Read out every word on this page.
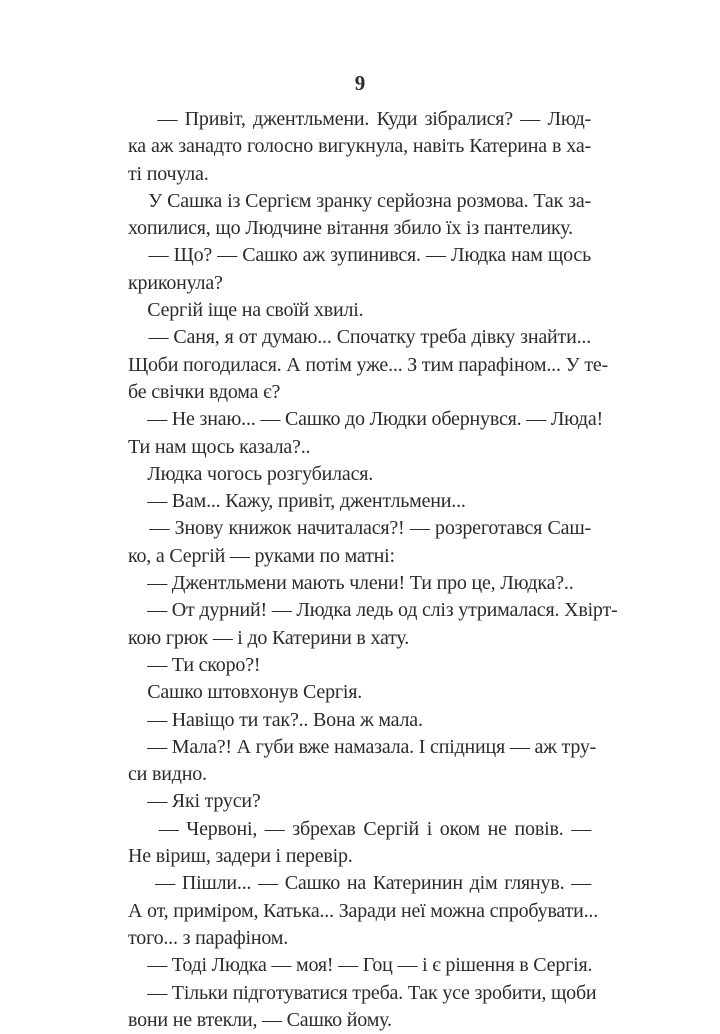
9

— Привіт, джентльмени. Куди зібралися? — Люд-
ка аж занадто голосно вигукнула, навіть Катерина в ха-
ті почула.

У Сашка із Сергієм зранку серйозна розмова. Так за-
хопилися, що Людчине вітання збило їх із пантелику.

— Що? — Сашко аж зупинився. — Людка нам щось
криконула?

Сергій іще на своїй хвилі.

— Саня, я от думаю... Спочатку треба дівку знайти...
Щоби погодилася. А потім уже... З тим парафіном... У те-
бе свічки вдома є?

— Не знаю... — Сашко до Людки обернувся. — Люда!
Ти нам щось казала?..

Людка чогось розгубилася.

— Вам... Кажу, привіт, джентльмени...

— Знову книжок начиталася?! — розреготався Саш-
ко, а Сергій — руками по матні:

— Джентльмени мають члени! Ти про це, Людка?..

— От дурний! — Людка ледь од сліз утрималася. Хвірт-
кою грюк — і до Катерини в хату.

— Ти скоро?!

Сашко штовхонув Сергія.

— Навіщо ти так?.. Вона ж мала.

— Мала?! А губи вже намазала. І спідниця — аж тру-
си видно.

— Які труси?

— Червоні, — збрехав Сергій і оком не повів. —
Не віриш, задери і перевір.

— Пішли... — Сашко на Катеринин дім глянув. —
А от, приміром, Катька... Заради неї можна спробувати...
того... з парафіном.

— Тоді Людка — моя! — Гоц — і є рішення в Сергія.

— Тільки підготуватися треба. Так усе зробити, щоби
вони не втекли, — Сашко йому.
